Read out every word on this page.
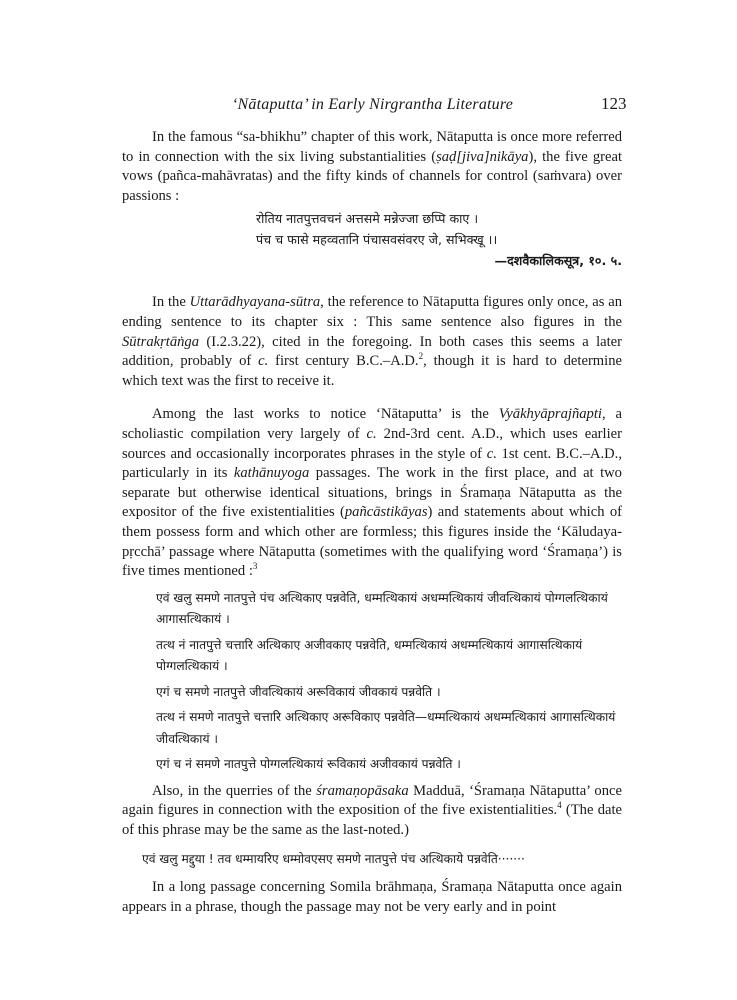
‘Nātaputta’ in Early Nirgrantha Literature	123

In the famous “sa-bhikhu” chapter of this work, Nātaputta is once more referred to in connection with the six living substantialities (ṣaḍ[jiva]nikāya), the five great vows (pañca-mahāvratas) and the fifty kinds of channels for control (saṁvara) over passions :

रोतिय नातपुत्तवचनं अत्तसमे मन्नेज्जा छप्पि काए ।
पंच च फासे महव्वतानि पंचासवसंवरए जे, सभिक्खू ।।
—दशवैकालिकसूत्र, १०. ५.

In the Uttarādhyayana-sūtra, the reference to Nātaputta figures only once, as an ending sentence to its chapter six : This same sentence also figures in the Sūtrakṛtāṅga (I.2.3.22), cited in the foregoing. In both cases this seems a later addition, probably of c. first century B.C.–A.D.$^2$, though it is hard to determine which text was the first to receive it.

Among the last works to notice ‘Nātaputta’ is the Vyākhyāprajñapti, a scholiastic compilation very largely of c. 2nd-3rd cent. A.D., which uses earlier sources and occasionally incorporates phrases in the style of c. 1st cent. B.C.–A.D., particularly in its kathānuyoga passages. The work in the first place, and at two separate but otherwise identical situations, brings in Śramaṇa Nātaputta as the expositor of the five existentialities (pañcāstikāyas) and statements about which of them possess form and which other are formless; this figures inside the ‘Kāludaya-pṛcchā’ passage where Nātaputta (sometimes with the qualifying word ‘Śramaṇa’) is five times mentioned :$^3$

एवं खलु समणे नातपुत्ते पंच अत्थिकाए पन्नवेति, धम्मत्थिकायं अधम्मत्थिकायं जीवत्थिकायं पोग्गलत्थिकायं आगासत्थिकायं ।
तत्थ नं नातपुत्ते चत्तारि अत्थिकाए अजीवकाए पन्नवेति, धम्मत्थिकायं अधम्मत्थिकायं आगासत्थिकायं पोग्गलत्थिकायं ।
एगं च समणे नातपुत्ते जीवत्थिकायं अरूविकायं जीवकायं पन्नवेति ।
तत्थ नं समणे नातपुत्ते चत्तारि अत्थिकाए अरूविकाए पन्नवेति—धम्मत्थिकायं अधम्मत्थिकायं आगासत्थिकायं जीवत्थिकायं ।
एगं च नं समणे नातपुत्ते पोग्गलत्थिकायं रूविकायं अजीवकायं पन्नवेति ।

Also, in the querries of the śramaṇopāsaka Madduā, ‘Śramaṇa Nātaputta’ once again figures in connection with the exposition of the five existentialities.$^4$ (The date of this phrase may be the same as the last-noted.)

एवं खलु मद्दुया ! तव धम्मायरिए धम्मोवएसए समणे नातपुत्ते पंच अत्थिकाये पन्नवेति·······

In a long passage concerning Somila brāhmaṇa, Śramaṇa Nātaputta once again appears in a phrase, though the passage may not be very early and in point
